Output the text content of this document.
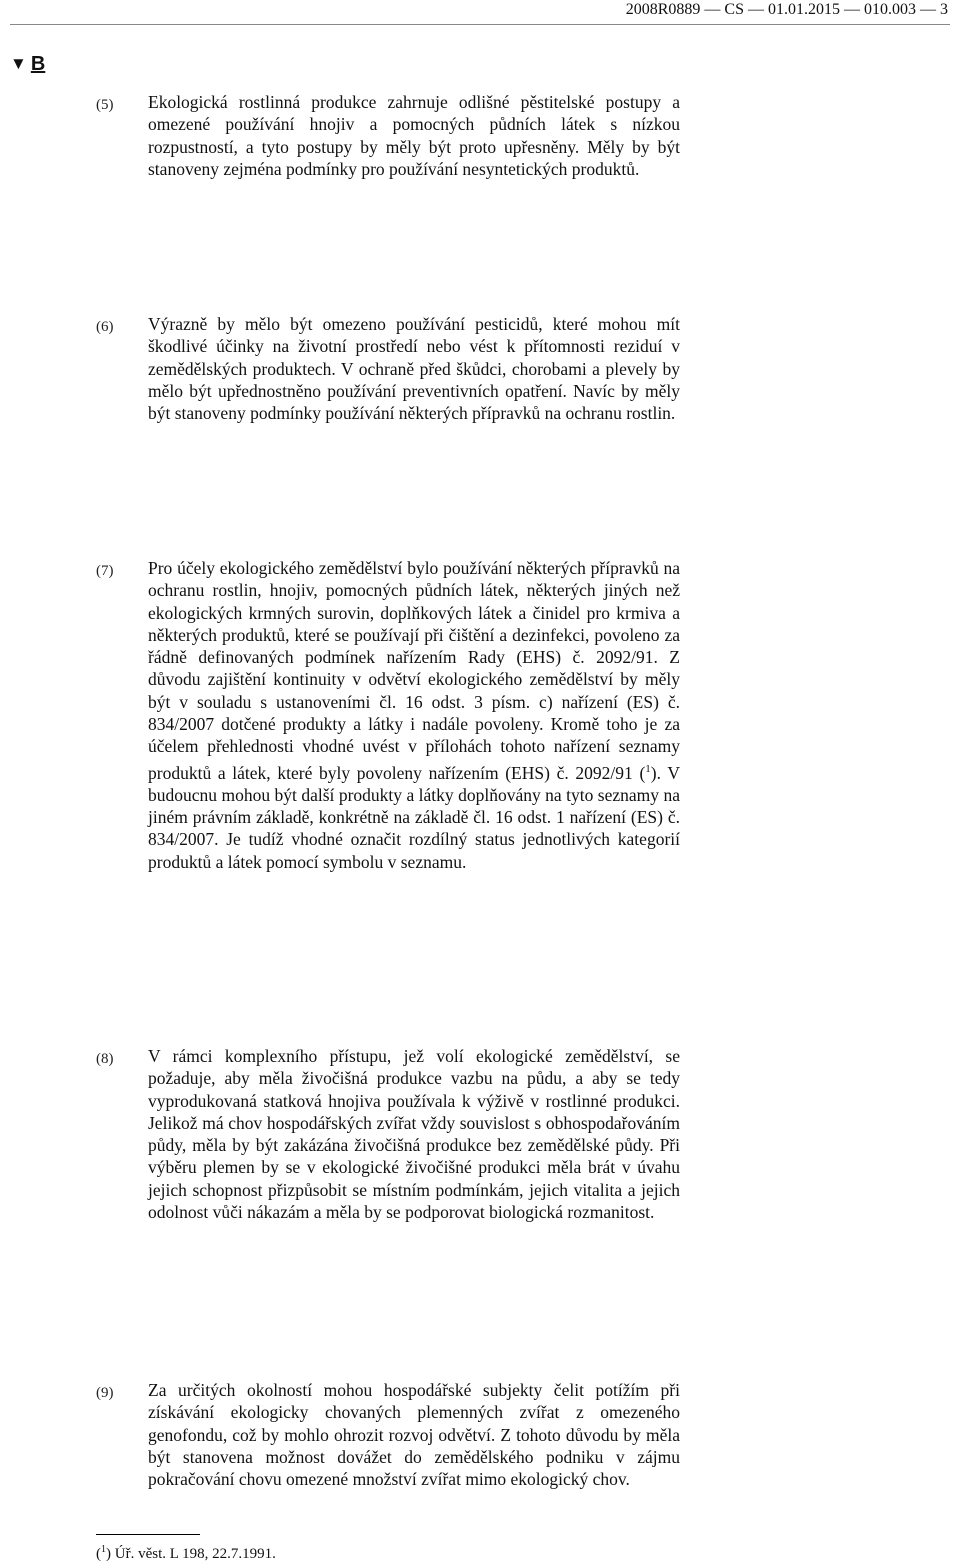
2008R0889 — CS — 01.01.2015 — 010.003 — 3
▼ B
(5) Ekologická rostlinná produkce zahrnuje odlišné pěstitelské postupy a omezené používání hnojiv a pomocných půdních látek s nízkou rozpustností, a tyto postupy by měly být proto upřesněny. Měly by být stanoveny zejména podmínky pro používání nesyntetických produktů.

(6) Výrazně by mělo být omezeno používání pesticidů, které mohou mít škodlivé účinky na životní prostředí nebo vést k přítomnosti reziduí v zemědělských produktech. V ochraně před škůdci, chorobami a plevely by mělo být upřednostněno používání preventivních opatření. Navíc by měly být stanoveny podmínky používání některých přípravků na ochranu rostlin.

(7) Pro účely ekologického zemědělství bylo používání některých přípravků na ochranu rostlin, hnojiv, pomocných půdních látek, některých jiných než ekologických krmných surovin, doplňkových látek a činidel pro krmiva a některých produktů, které se používají při čištění a dezinfekci, povoleno za řádně definovaných podmínek nařízením Rady (EHS) č. 2092/91. Z důvodu zajištění kontinuity v odvětví ekologického zemědělství by měly být v souladu s ustanoveními čl. 16 odst. 3 písm. c) nařízení (ES) č. 834/2007 dotčené produkty a látky i nadále povoleny. Kromě toho je za účelem přehlednosti vhodné uvést v přílohách tohoto nařízení seznamy produktů a látek, které byly povoleny nařízením (EHS) č. 2092/91 ($^1$). V budoucnu mohou být další produkty a látky doplňovány na tyto seznamy na jiném právním základě, konkrétně na základě čl. 16 odst. 1 nařízení (ES) č. 834/2007. Je tudíž vhodné označit rozdílný status jednotlivých kategorií produktů a látek pomocí symbolu v seznamu.

(8) V rámci komplexního přístupu, jež volí ekologické zemědělství, se požaduje, aby měla živočišná produkce vazbu na půdu, a aby se tedy vyprodukovaná statková hnojiva používala k výživě v rostlinné produkci. Jelikož má chov hospodářských zvířat vždy souvislost s obhospodařováním půdy, měla by být zakázána živočišná produkce bez zemědělské půdy. Při výběru plemen by se v ekologické živočišné produkci měla brát v úvahu jejich schopnost přizpůsobit se místním podmínkám, jejich vitalita a jejich odolnost vůči nákazám a měla by se podporovat biologická rozmanitost.

(9) Za určitých okolností mohou hospodářské subjekty čelit potížím při získávání ekologicky chovaných plemenných zvířat z omezeného genofondu, což by mohlo ohrozit rozvoj odvětví. Z tohoto důvodu by měla být stanovena možnost dovážet do zemědělského podniku v zájmu pokračování chovu omezené množství zvířat mimo ekologický chov.

($^1$) Úř. věst. L 198, 22.7.1991.
